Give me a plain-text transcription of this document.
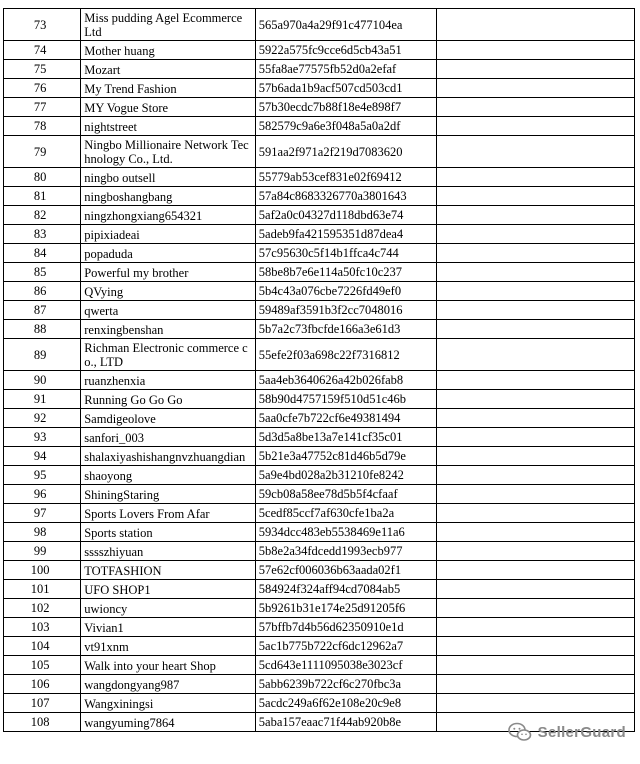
73	Miss pudding Agel Ecommerce Ltd	565a970a4a29f91c477104ea	
74	Mother huang	5922a575fc9cce6d5cb43a51	
75	Mozart	55fa8ae77575fb52d0a2efaf	
76	My Trend Fashion	57b6ada1b9acf507cd503cd1	
77	MY Vogue Store	57b30ecdc7b88f18e4e898f7	
78	nightstreet	582579c9a6e3f048a5a0a2df	
79	Ningbo Millionaire Network Technology Co., Ltd.	591aa2f971a2f219d7083620	
80	ningbo outsell	55779ab53cef831e02f69412	
81	ningboshangbang	57a84c8683326770a3801643	
82	ningzhongxiang654321	5af2a0c04327d118dbd63e74	
83	pipixiadeai	5adeb9fa421595351d87dea4	
84	popaduda	57c95630c5f14b1ffca4c744	
85	Powerful my brother	58be8b7e6e114a50fc10c237	
86	QVying	5b4c43a076cbe7226fd49ef0	
87	qwerta	59489af3591b3f2cc7048016	
88	renxingbenshan	5b7a2c73fbcfde166a3e61d3	
89	Richman Electronic commerce co., LTD	55efe2f03a698c22f7316812	
90	ruanzhenxia	5aa4eb3640626a42b026fab8	
91	Running Go Go Go	58b90d4757159f510d51c46b	
92	Samdigeolove	5aa0cfe7b722cf6e49381494	
93	sanfori_003	5d3d5a8be13a7e141cf35c01	
94	shalaxiyashishangnvzhuangdian	5b21e3a47752c81d46b5d79e	
95	shaoyong	5a9e4bd028a2b31210fe8242	
96	ShiningStaring	59cb08a58ee78d5b5f4cfaaf	
97	Sports Lovers From Afar	5cedf85ccf7af630cfe1ba2a	
98	Sports station	5934dcc483eb5538469e11a6	
99	sssszhiyuan	5b8e2a34fdcedd1993ecb977	
100	TOTFASHION	57e62cf006036b63aada02f1	
101	UFO SHOP1	584924f324aff94cd7084ab5	
102	uwioncy	5b9261b31e174e25d91205f6	
103	Vivian1	57bffb7d4b56d62350910e1d	
104	vt91xnm	5ac1b775b722cf6dc12962a7	
105	Walk into your heart Shop	5cd643e1111095038e3023cf	
106	wangdongyang987	5abb6239b722cf6c270fbc3a	
107	Wangxiningsi	5acdc249a6f62e108e20c9e8	
108	wangyuming7864	5aba157eaac71f44ab920b8e	
SellerGuard
